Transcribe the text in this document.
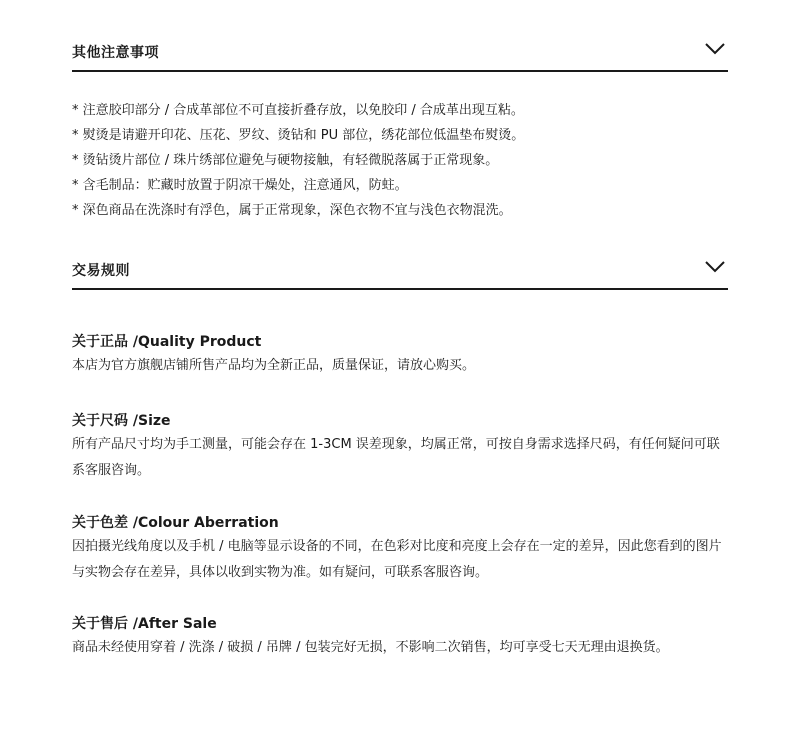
其他注意事项
* 注意胶印部分 / 合成革部位不可直接折叠存放，以免胶印 / 合成革出现互粘。
* 熨烫是请避开印花、压花、罗纹、烫钻和 PU 部位，绣花部位低温垫布熨烫。
* 烫钻烫片部位 / 珠片绣部位避免与硬物接触，有轻微脱落属于正常现象。
* 含毛制品：贮藏时放置于阴凉干燥处，注意通风，防蛀。
* 深色商品在洗涤时有浮色，属于正常现象，深色衣物不宜与浅色衣物混洗。
交易规则
关于正品 /Quality Product
本店为官方旗舰店铺所售产品均为全新正品，质量保证，请放心购买。
关于尺码 /Size
所有产品尺寸均为手工测量，可能会存在 1-3CM 误差现象，均属正常，可按自身需求选择尺码，有任何疑问可联系客服咨询。
关于色差 /Colour Aberration
因拍摄光线角度以及手机 / 电脑等显示设备的不同，在色彩对比度和亮度上会存在一定的差异，因此您看到的图片与实物会存在差异，具体以收到实物为准。如有疑问，可联系客服咨询。
关于售后 /After Sale
商品未经使用穿着 / 洗涤 / 破损 / 吊牌 / 包装完好无损，不影响二次销售，均可享受七天无理由退换货。
